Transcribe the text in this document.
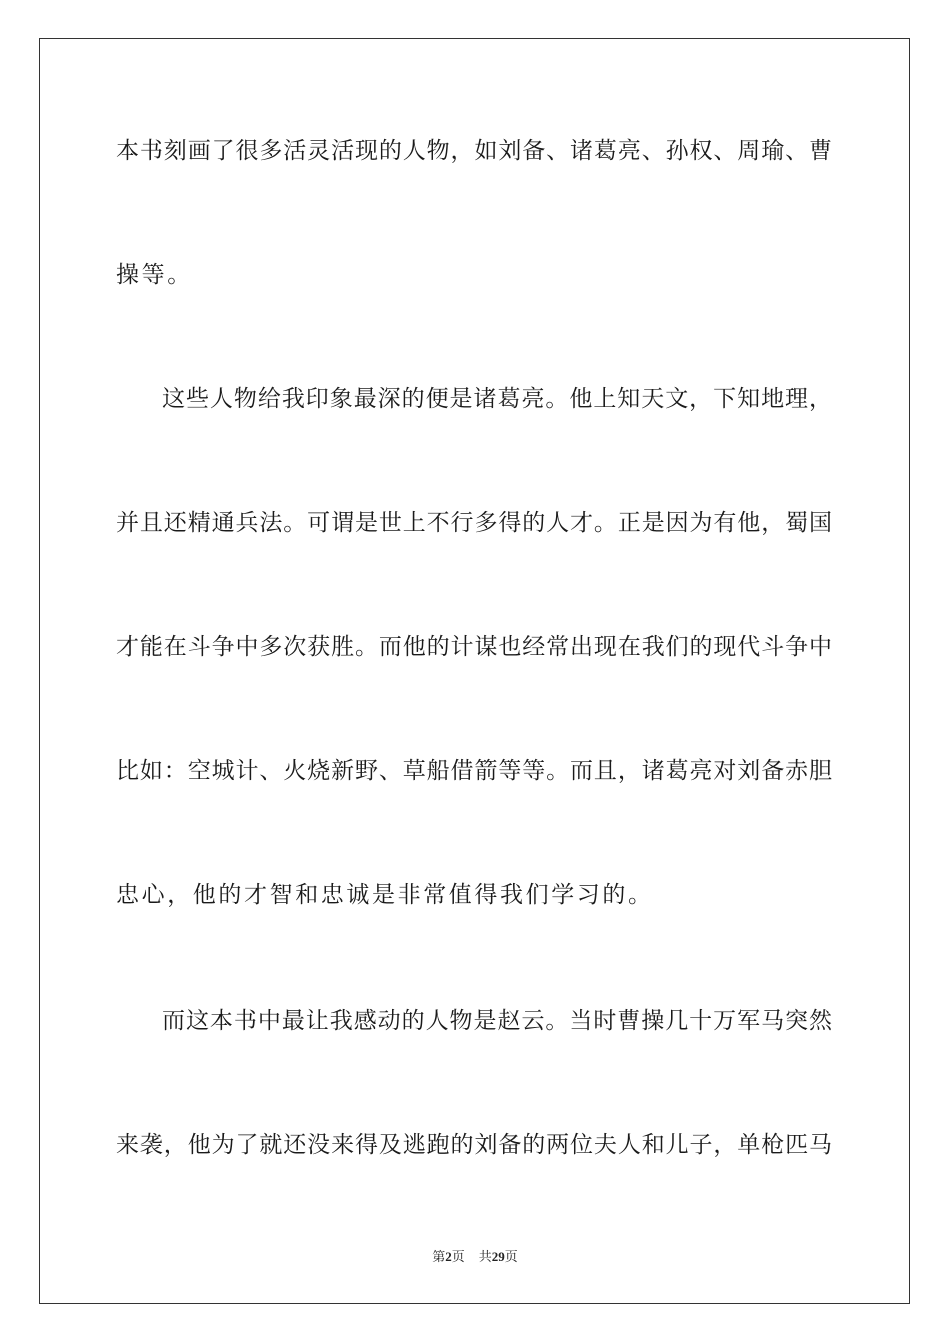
本书刻画了很多活灵活现的人物，如刘备、诸葛亮、孙权、周瑜、曹
操等。
这些人物给我印象最深的便是诸葛亮。他上知天文，下知地理，
并且还精通兵法。可谓是世上不行多得的人才。正是因为有他，蜀国
才能在斗争中多次获胜。而他的计谋也经常出现在我们的现代斗争中
比如：空城计、火烧新野、草船借箭等等。而且，诸葛亮对刘备赤胆
忠心，他的才智和忠诚是非常值得我们学习的。
而这本书中最让我感动的人物是赵云。当时曹操几十万军马突然
来袭，他为了就还没来得及逃跑的刘备的两位夫人和儿子，单枪匹马
第2页 共29页
